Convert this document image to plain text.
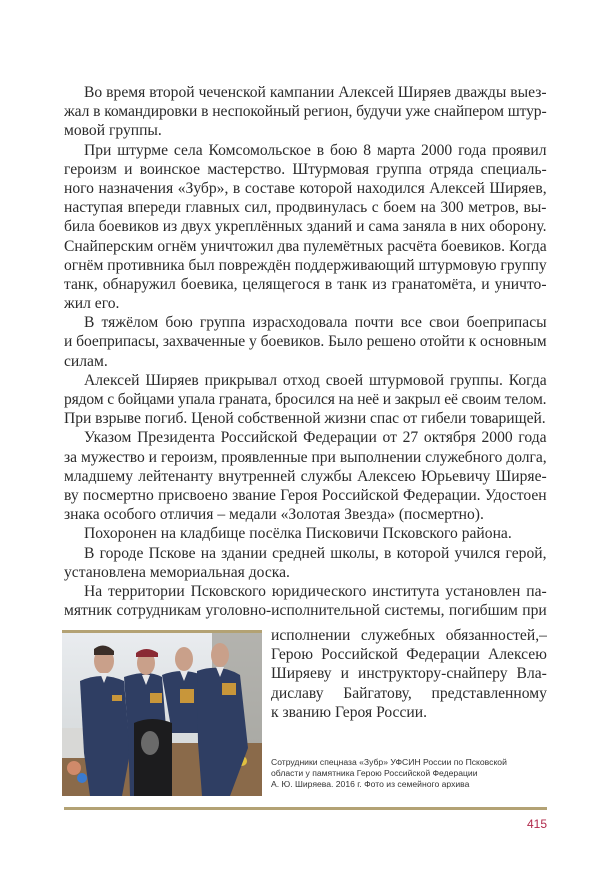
Во время второй чеченской кампании Алексей Ширяев дважды выез-
жал в командировки в неспокойный регион, будучи уже снайпером штур-
мовой группы.
При штурме села Комсомольское в бою 8 марта 2000 года проявил
героизм и воинское мастерство. Штурмовая группа отряда специаль-
ного назначения «Зубр», в составе которой находился Алексей Ширяев,
наступая впереди главных сил, продвинулась с боем на 300 метров, вы-
била боевиков из двух укреплённых зданий и сама заняла в них оборону.
Снайперским огнём уничтожил два пулемётных расчёта боевиков. Когда
огнём противника был повреждён поддерживающий штурмовую группу
танк, обнаружил боевика, целящегося в танк из гранатомёта, и уничто-
жил его.
В тяжёлом бою группа израсходовала почти все свои боеприпасы
и боеприпасы, захваченные у боевиков. Было решено отойти к основным
силам.
Алексей Ширяев прикрывал отход своей штурмовой группы. Когда
рядом с бойцами упала граната, бросился на неё и закрыл её своим телом.
При взрыве погиб. Ценой собственной жизни спас от гибели товарищей.
Указом Президента Российской Федерации от 27 октября 2000 года
за мужество и героизм, проявленные при выполнении служебного долга,
младшему лейтенанту внутренней службы Алексею Юрьевичу Ширяе-
ву посмертно присвоено звание Героя Российской Федерации. Удостоен
знака особого отличия – медали «Золотая Звезда» (посмертно).
Похоронен на кладбище посёлка Писковичи Псковского района.
В городе Пскове на здании средней школы, в которой учился герой,
установлена мемориальная доска.
На территории Псковского юридического института установлен па-
мятник сотрудникам уголовно-исполнительной системы, погибшим при
исполнении служебных обязанностей,–
Герою Российской Федерации Алексею
Ширяеву и инструктору-снайперу Вла-
диславу Байгатову, представленному
к званию Героя России.
Сотрудники спецназа «Зубр» УФСИН России по Псковской
области у памятника Герою Российской Федерации
А. Ю. Ширяева. 2016 г. Фото из семейного архива
415
